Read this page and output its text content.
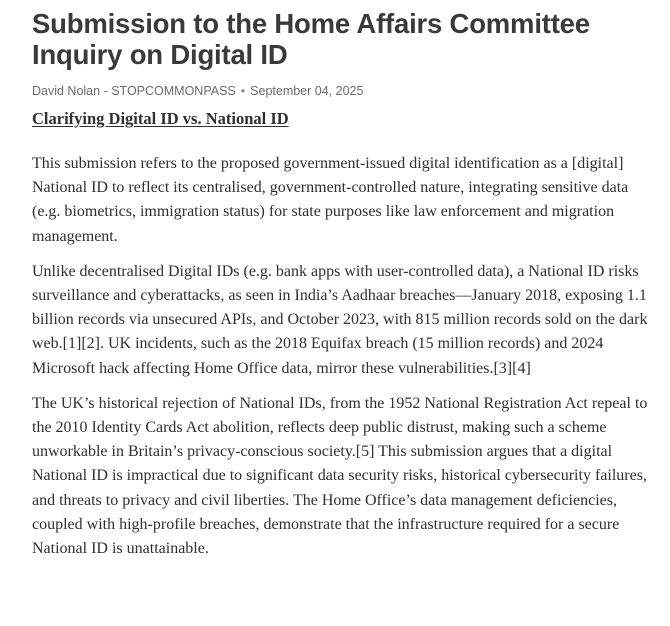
Submission to the Home Affairs Committee
Inquiry on Digital ID
David Nolan - STOPCOMMONPASS • September 04, 2025
Clarifying Digital ID vs. National ID

This submission refers to the proposed government-issued digital identification as a [digital] National ID to reflect its centralised, government-controlled nature, integrating sensitive data (e.g. biometrics, immigration status) for state purposes like law enforcement and migration management.

Unlike decentralised Digital IDs (e.g. bank apps with user-controlled data), a National ID risks surveillance and cyberattacks, as seen in India’s Aadhaar breaches—January 2018, exposing 1.1 billion records via unsecured APIs, and October 2023, with 815 million records sold on the dark web.[1][2]. UK incidents, such as the 2018 Equifax breach (15 million records) and 2024 Microsoft hack affecting Home Office data, mirror these vulnerabilities.[3][4]

The UK’s historical rejection of National IDs, from the 1952 National Registration Act repeal to the 2010 Identity Cards Act abolition, reflects deep public distrust, making such a scheme unworkable in Britain’s privacy-conscious society.[5] This submission argues that a digital National ID is impractical due to significant data security risks, historical cybersecurity failures, and threats to privacy and civil liberties. The Home Office’s data management deficiencies, coupled with high-profile breaches, demonstrate that the infrastructure required for a secure National ID is unattainable.
